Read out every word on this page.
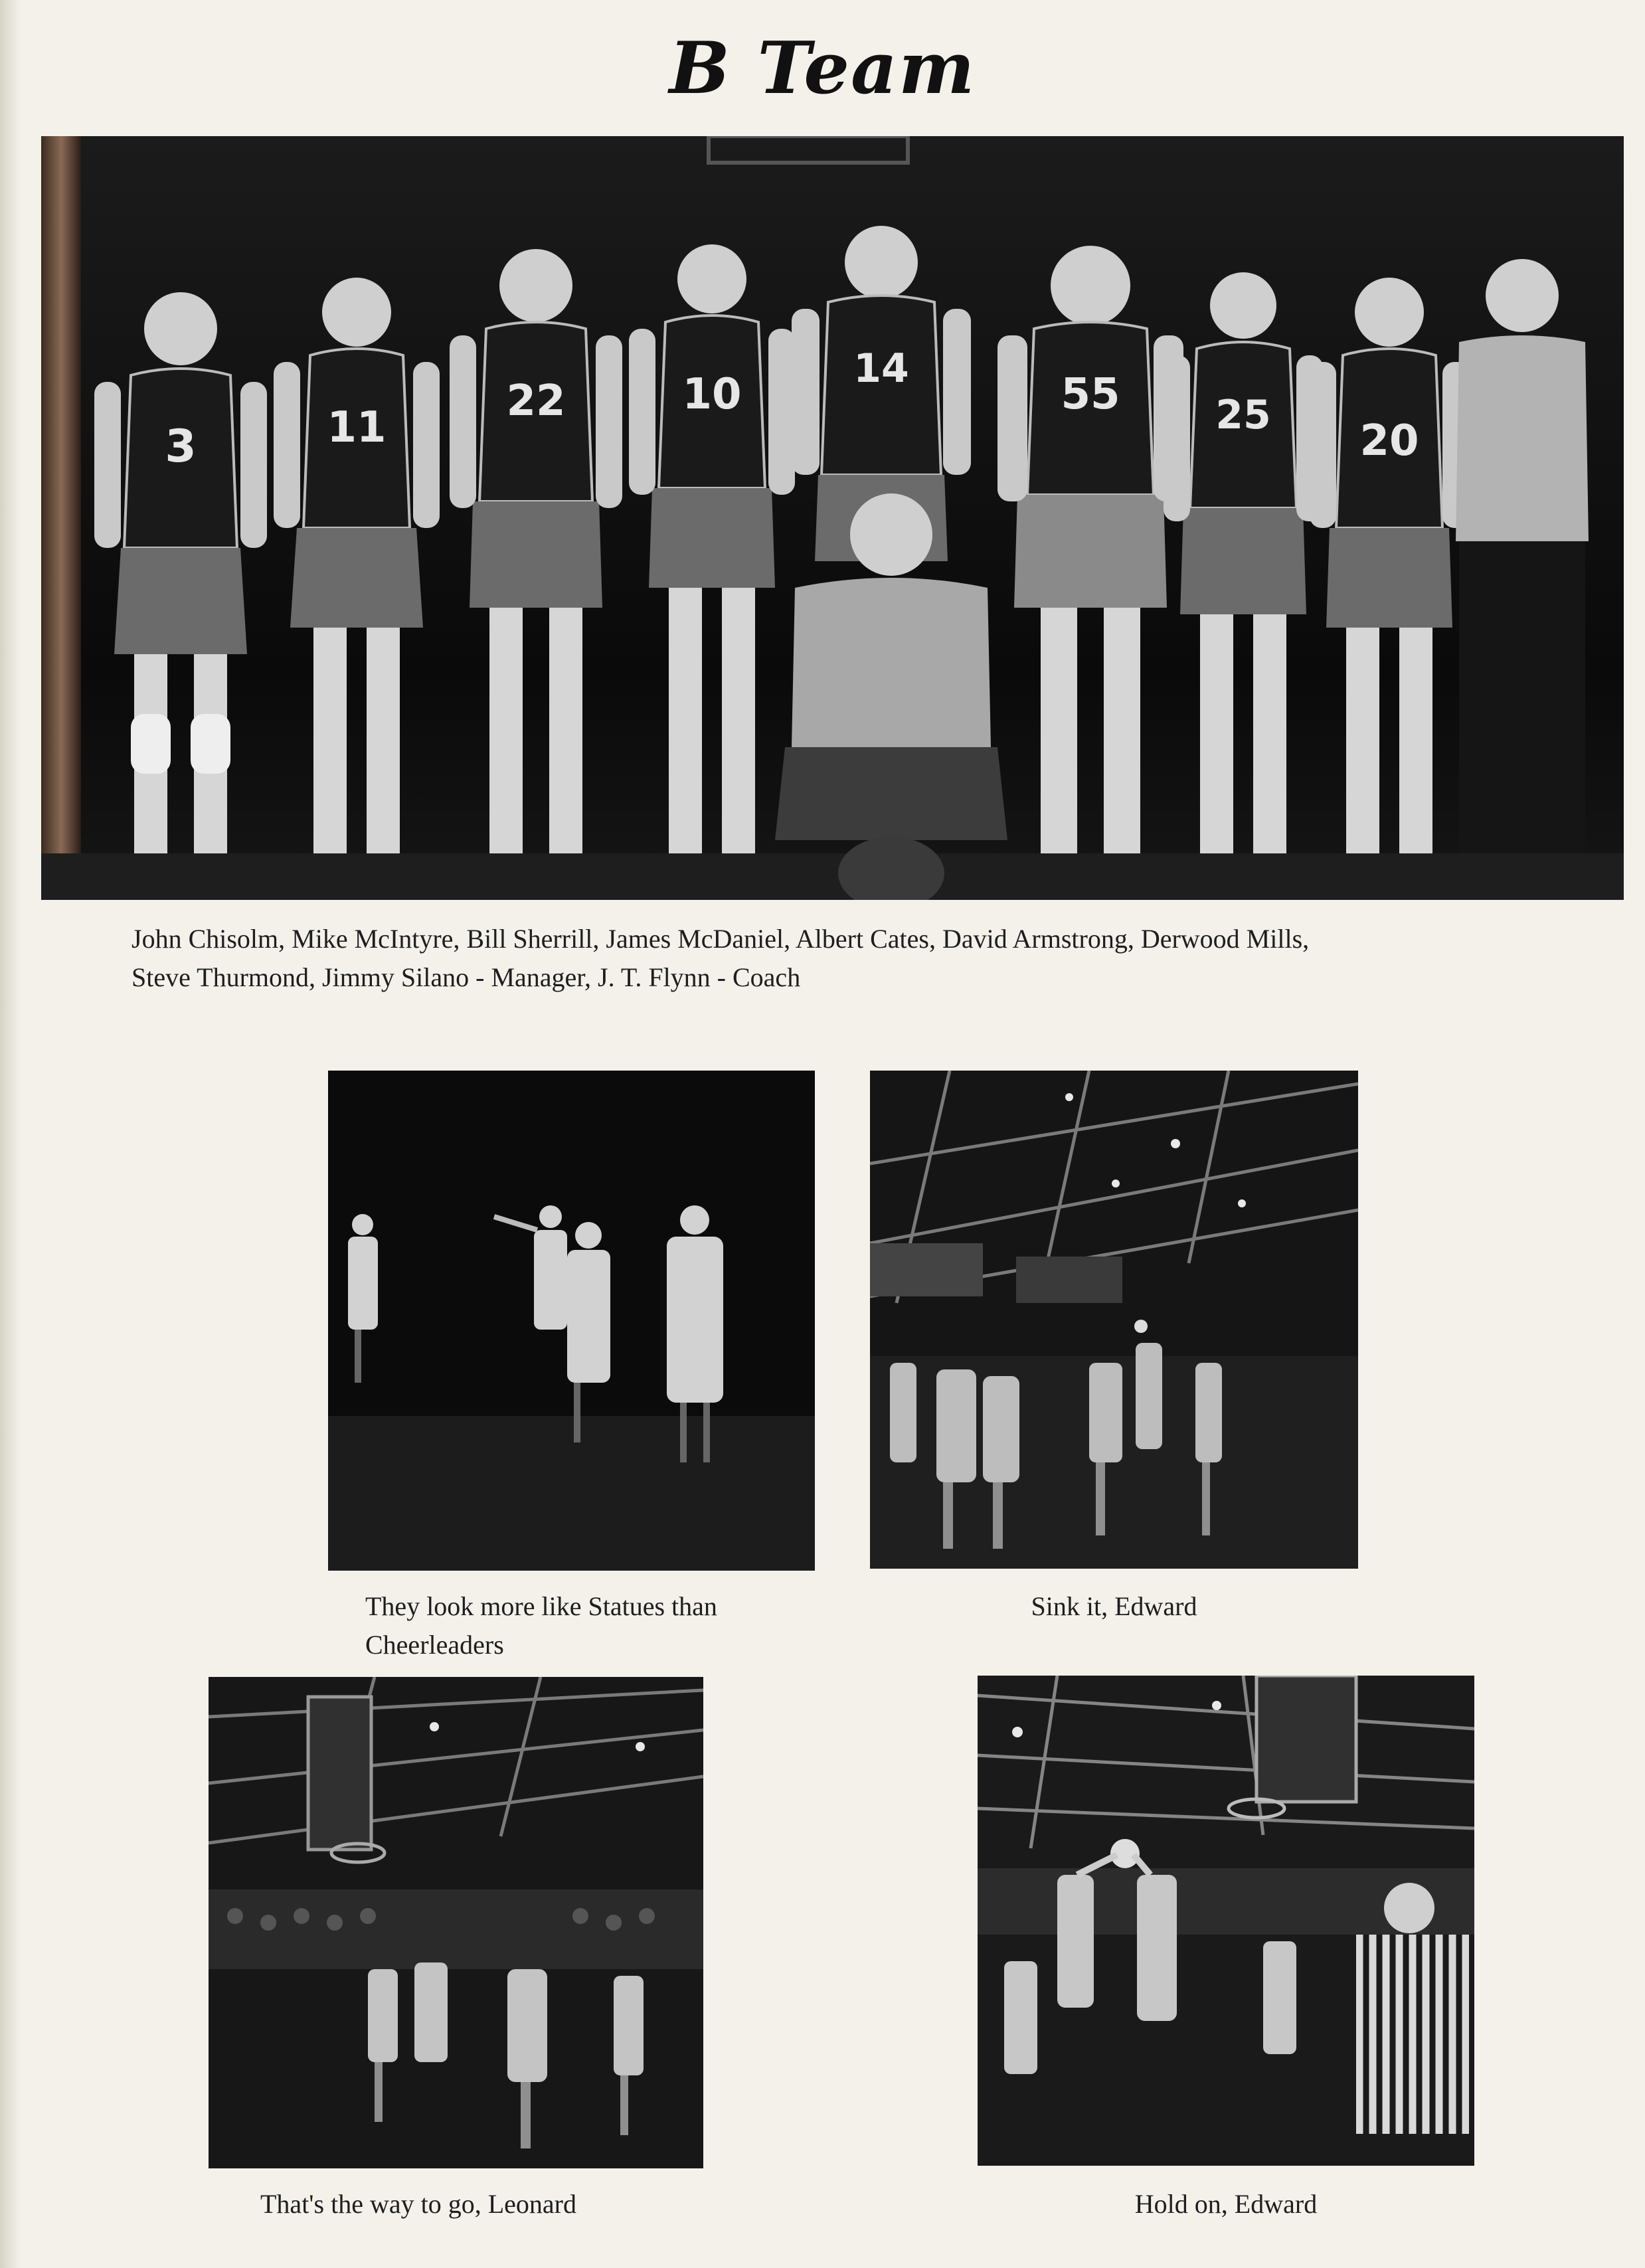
B Team
3	11
22	10
14
55 25
20
John Chisolm, Mike McIntyre, Bill Sherrill, James McDaniel, Albert Cates, David Armstrong, Derwood Mills,
Steve Thurmond, Jimmy Silano - Manager, J. T. Flynn - Coach
They look more like Statues than
Cheerleaders
Sink it, Edward
That's the way to go, Leonard	Hold on, Edward
